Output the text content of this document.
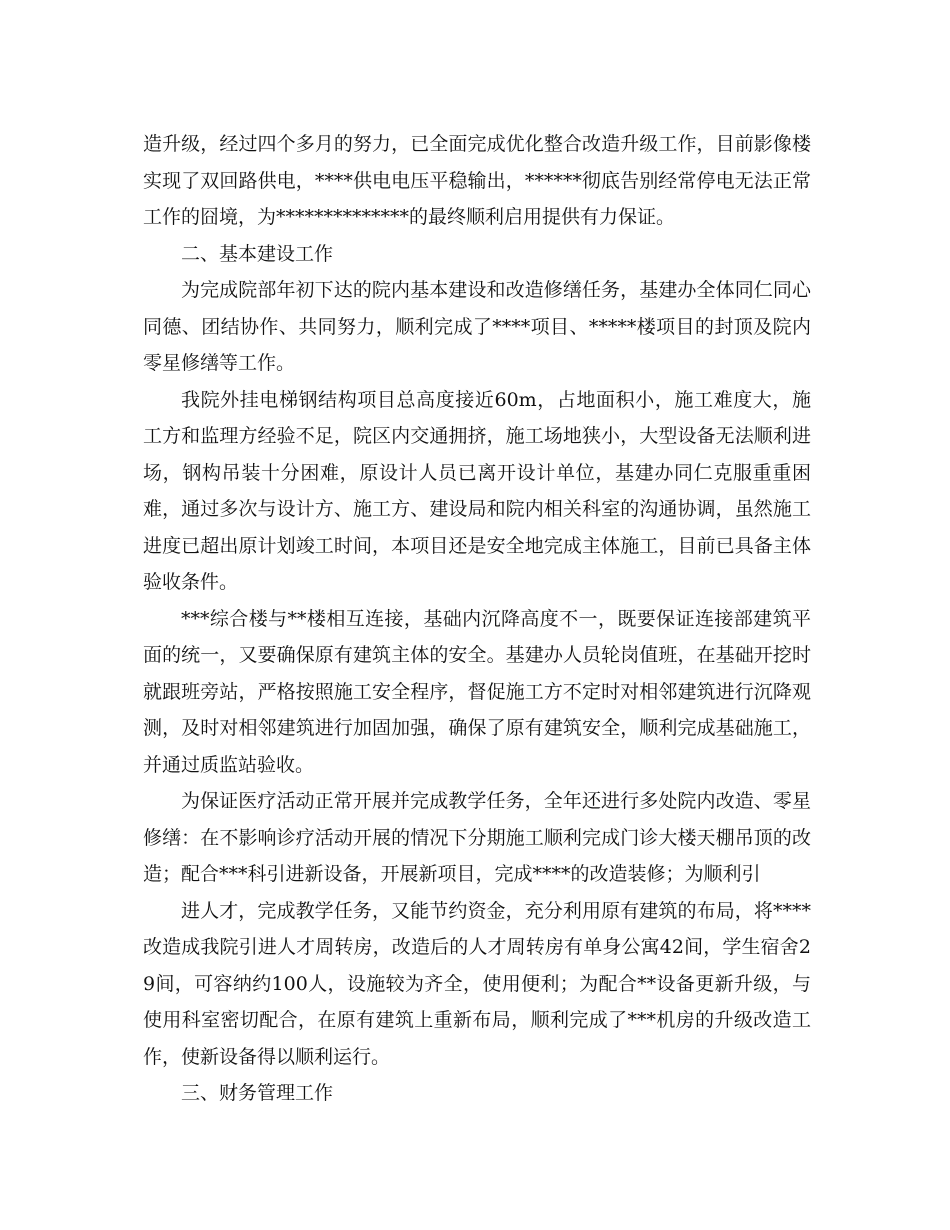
造升级，经过四个多月的努力，已全面完成优化整合改造升级工作，目前影像楼实现了双回路供电，****供电电压平稳输出，******彻底告别经常停电无法正常工作的囧境，为**************的最终顺利启用提供有力保证。

二、基本建设工作

为完成院部年初下达的院内基本建设和改造修缮任务，基建办全体同仁同心同德、团结协作、共同努力，顺利完成了****项目、*****楼项目的封顶及院内零星修缮等工作。

我院外挂电梯钢结构项目总高度接近60m，占地面积小，施工难度大，施工方和监理方经验不足，院区内交通拥挤，施工场地狭小，大型设备无法顺利进场，钢构吊装十分困难，原设计人员已离开设计单位，基建办同仁克服重重困难，通过多次与设计方、施工方、建设局和院内相关科室的沟通协调，虽然施工进度已超出原计划竣工时间，本项目还是安全地完成主体施工，目前已具备主体验收条件。

***综合楼与**楼相互连接，基础内沉降高度不一，既要保证连接部建筑平面的统一，又要确保原有建筑主体的安全。基建办人员轮岗值班，在基础开挖时就跟班旁站，严格按照施工安全程序，督促施工方不定时对相邻建筑进行沉降观测，及时对相邻建筑进行加固加强，确保了原有建筑安全，顺利完成基础施工，并通过质监站验收。

为保证医疗活动正常开展并完成教学任务，全年还进行多处院内改造、零星修缮：在不影响诊疗活动开展的情况下分期施工顺利完成门诊大楼天棚吊顶的改造；配合***科引进新设备，开展新项目，完成****的改造装修；为顺利引

进人才，完成教学任务，又能节约资金，充分利用原有建筑的布局，将****改造成我院引进人才周转房，改造后的人才周转房有单身公寓42间，学生宿舍29间，可容纳约100人，设施较为齐全，使用便利；为配合**设备更新升级，与使用科室密切配合，在原有建筑上重新布局，顺利完成了***机房的升级改造工作，使新设备得以顺利运行。

三、财务管理工作
